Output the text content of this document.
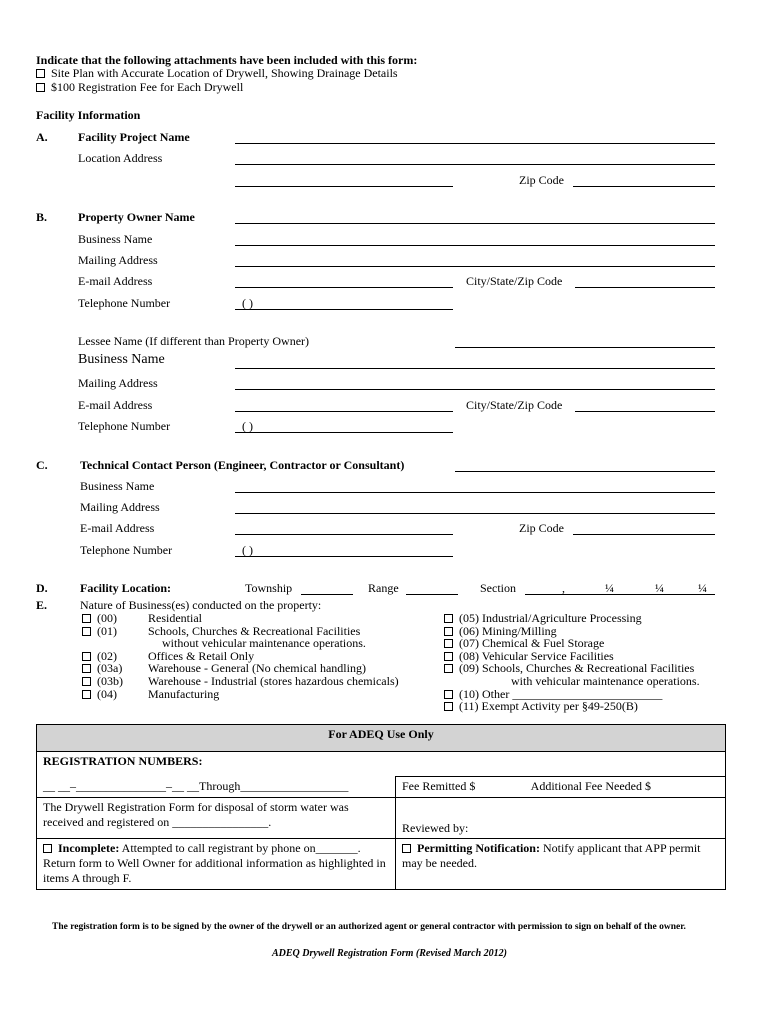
Indicate that the following attachments have been included with this form:
Site Plan with Accurate Location of Drywell, Showing Drainage Details
$100 Registration Fee for Each Drywell
Facility Information
A.	Facility Project Name
Location Address
Zip Code
B.	Property Owner Name
Business Name
Mailing Address
E-mail Address	City/State/Zip Code
Telephone Number	( )
Lessee Name (If different than Property Owner)
Business Name
Mailing Address
E-mail Address	City/State/Zip Code
Telephone Number	( )
C.	Technical Contact Person (Engineer, Contractor or Consultant)
Business Name
Mailing Address
E-mail Address	Zip Code
Telephone Number	( )
D.	Facility Location:	Township	Range	Section	,	¼	¼	¼
E.	Nature of Business(es) conducted on the property:
(00)	Residential
(01)	Schools, Churches & Recreational Facilities
without vehicular maintenance operations.
(02)	Offices & Retail Only
(03a) Warehouse - General (No chemical handling)
(03b) Warehouse - Industrial (stores hazardous chemicals)
(04)	Manufacturing
(05) Industrial/Agriculture Processing
(06) Mining/Milling
(07) Chemical & Fuel Storage
(08) Vehicular Service Facilities
(09) Schools, Churches & Recreational Facilities
with vehicular maintenance operations.
(10) Other _________________________
(11) Exempt Activity per §49-250(B)
For ADEQ Use Only	
REGISTRATION NUMBERS:	
__ __–_______________–__ __Through__________________	Fee Remitted $ Additional Fee Needed $
The Drywell Registration Form for disposal of storm water was received and registered on ________________.	Reviewed by:
Incomplete: Attempted to call registrant by phone on_______. Return form to Well Owner for additional information as highlighted in items A through F.	Permitting Notification: Notify applicant that APP permit may be needed.
The registration form is to be signed by the owner of the drywell or an authorized agent or general contractor with permission to sign on behalf of the owner.
ADEQ Drywell Registration Form (Revised March 2012)
